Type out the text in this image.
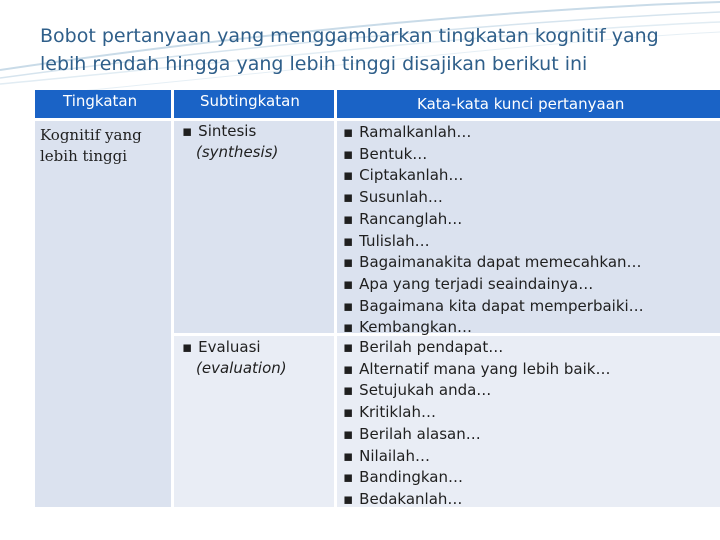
Bobot pertanyaan yang menggambarkan tingkatan kognitif yang lebih rendah hingga yang lebih tinggi disajikan berikut ini
Tingkatan	Subtingkatan	Kata-kata kunci pertanyaan
Kognitif yang lebih tinggi
▪ Sintesis
(synthesis)
▪ Ramalkanlah…
▪ Bentuk…
▪ Ciptakanlah…
▪ Susunlah…
▪ Rancanglah…
▪ Tulislah…
▪ Bagaimanakita dapat memecahkan…
▪ Apa yang terjadi seaindainya…
▪ Bagaimana kita dapat memperbaiki…
▪ Kembangkan…
▪ Evaluasi
(evaluation)
▪ Berilah pendapat…
▪ Alternatif mana yang lebih baik…
▪ Setujukah anda…
▪ Kritiklah…
▪ Berilah alasan…
▪ Nilailah…
▪ Bandingkan…
▪ Bedakanlah…
